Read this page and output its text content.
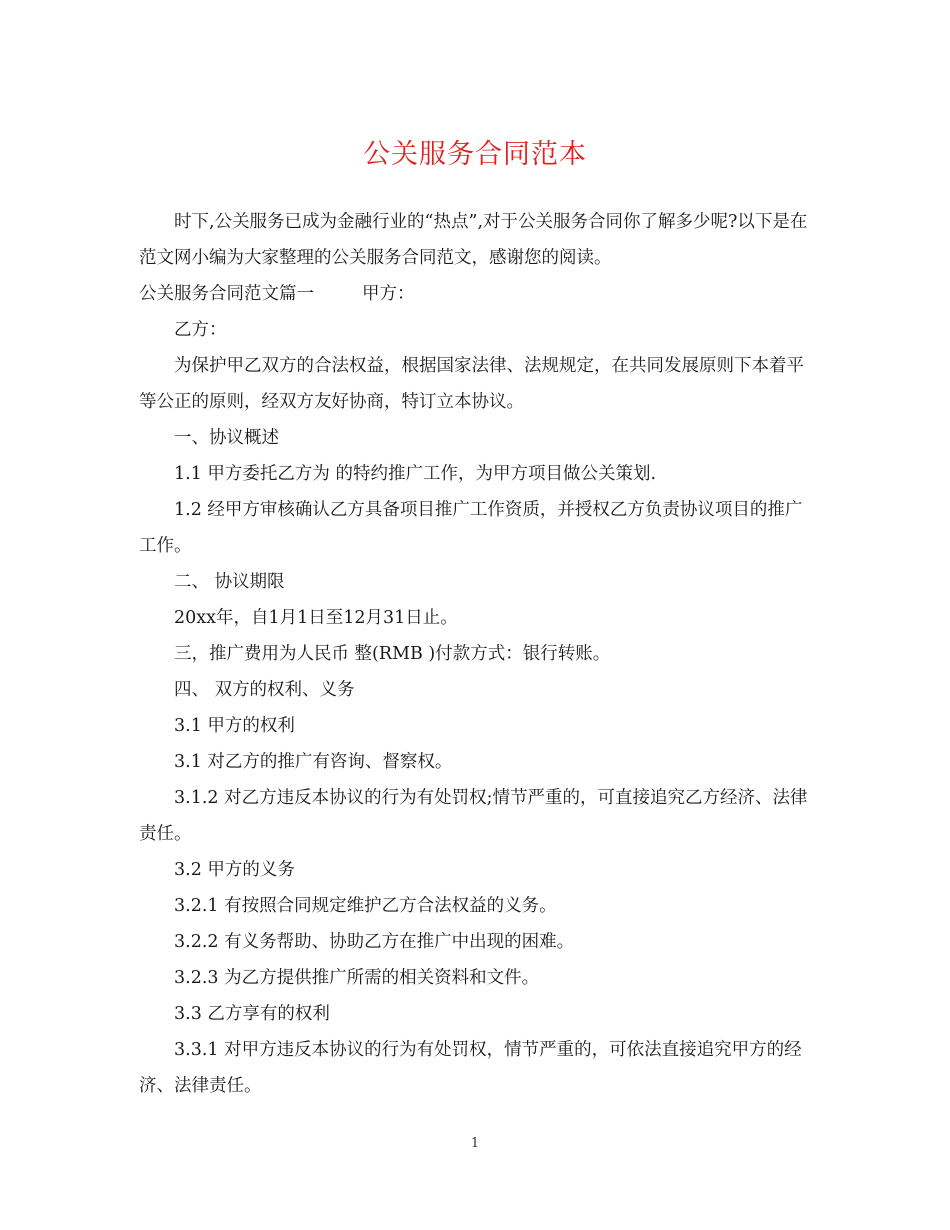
公关服务合同范本

时下,公关服务已成为金融行业的“热点”,对于公关服务合同你了解多少呢?以下是在范文网小编为大家整理的公关服务合同范文，感谢您的阅读。

公关服务合同范文篇一	甲方：

乙方：

为保护甲乙双方的合法权益，根据国家法律、法规规定，在共同发展原则下本着平等公正的原则，经双方友好协商，特订立本协议。

一、协议概述

1.1 甲方委托乙方为 的特约推广工作，为甲方项目做公关策划.

1.2 经甲方审核确认乙方具备项目推广工作资质，并授权乙方负责协议项目的推广工作。

二、 协议期限

20xx年，自1月1日至12月31日止。

三，推广费用为人民币 整(RMB )付款方式：银行转账。

四、 双方的权利、义务

3.1 甲方的权利

3.1 对乙方的推广有咨询、督察权。

3.1.2 对乙方违反本协议的行为有处罚权;情节严重的，可直接追究乙方经济、法律责任。

3.2 甲方的义务

3.2.1 有按照合同规定维护乙方合法权益的义务。

3.2.2 有义务帮助、协助乙方在推广中出现的困难。

3.2.3 为乙方提供推广所需的相关资料和文件。

3.3 乙方享有的权利

3.3.1 对甲方违反本协议的行为有处罚权，情节严重的，可依法直接追究甲方的经济、法律责任。

1
